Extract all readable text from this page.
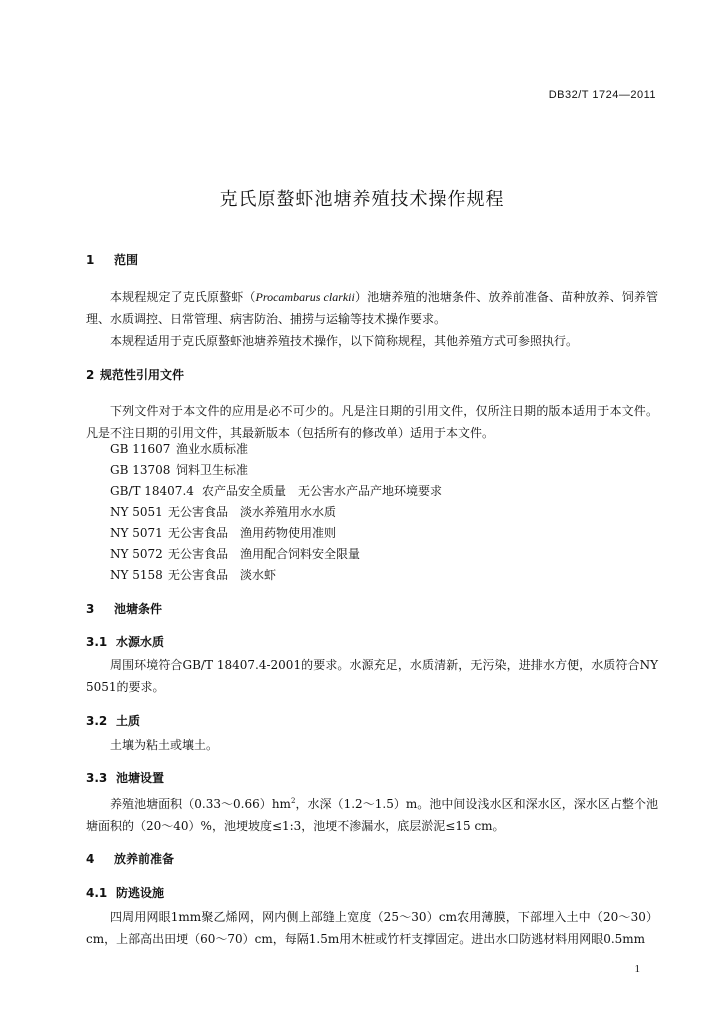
DB32/T 1724—2011
克氏原螯虾池塘养殖技术操作规程
1 范围

本规程规定了克氏原螯虾（Procambarus clarkii）池塘养殖的池塘条件、放养前准备、苗种放养、饲养管理、水质调控、日常管理、病害防治、捕捞与运输等技术操作要求。

本规程适用于克氏原螯虾池塘养殖技术操作，以下简称规程，其他养殖方式可参照执行。

2 规范性引用文件

下列文件对于本文件的应用是必不可少的。凡是注日期的引用文件，仅所注日期的版本适用于本文件。凡是不注日期的引用文件，其最新版本（包括所有的修改单）适用于本文件。

GB 11607 渔业水质标准
GB 13708 饲料卫生标准
GB/T 18407.4 农产品安全质量　无公害水产品产地环境要求
NY 5051 无公害食品　淡水养殖用水水质
NY 5071 无公害食品　渔用药物使用准则
NY 5072 无公害食品　渔用配合饲料安全限量
NY 5158 无公害食品　淡水虾
3 池塘条件
3.1 水源水质

周围环境符合GB/T 18407.4-2001的要求。水源充足，水质清新，无污染，进排水方便，水质符合NY 5051的要求。

3.2 土质

土壤为粘土或壤土。

3.3 池塘设置

养殖池塘面积$(0.33\sim 0.66)hm^2$，水深（1.2～1.5）m。池中间设浅水区和深水区，深水区占整个池塘面积的（20～40）%，池埂坡度≤1:3，池埂不渗漏水，底层淤泥≤15 cm。

4 放养前准备
4.1 防逃设施

四周用网眼1mm聚乙烯网，网内侧上部缝上宽度（25～30）cm农用薄膜，下部埋入土中（20～30）cm，上部高出田埂（60～70）cm，每隔1.5m用木桩或竹杆支撑固定。进出水口防逃材料用网眼0.5mm

1
